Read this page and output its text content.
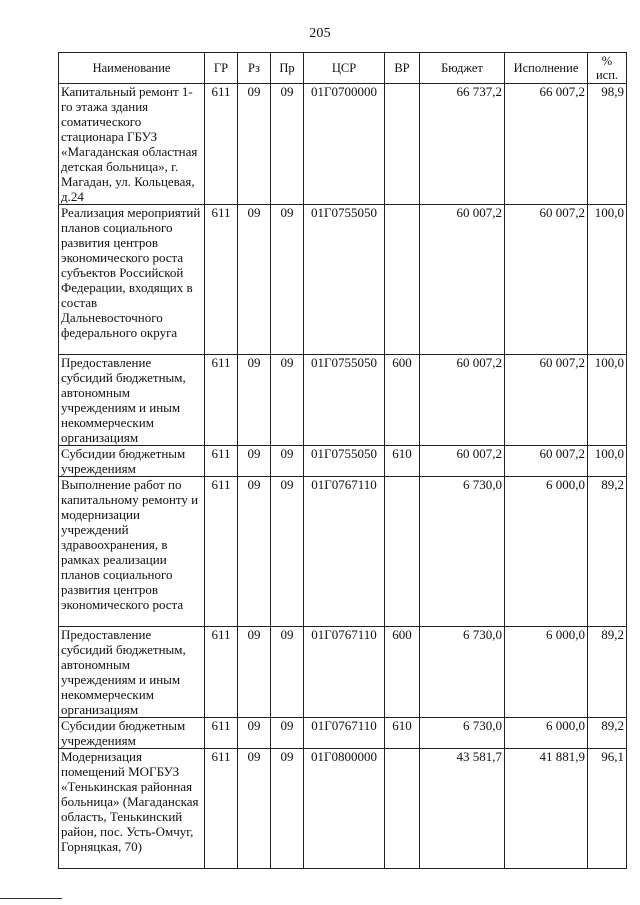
205
Наименование	ГР	Рз	Пр	ЦСР	ВР	Бюджет	Исполнение	%
исп.

Капитальный ремонт 1-го этажа здания соматического стационара ГБУЗ «Магаданская областная детская больница», г. Магадан, ул. Кольцевая, д.24	611	09	09	01Г0700000		66 737,2	66 007,2	98,9
Реализация мероприятий планов социального развития центров экономического роста субъектов Российской Федерации, входящих в состав Дальневосточного федерального округа	611	09	09	01Г0755050		60 007,2	60 007,2	100,0
Предоставление субсидий бюджетным, автономным учреждениям и иным некоммерческим организациям	611	09	09	01Г0755050	600	60 007,2	60 007,2	100,0
Субсидии бюджетным учреждениям	611	09	09	01Г0755050	610	60 007,2	60 007,2	100,0
Выполнение работ по капитальному ремонту и модернизации учреждений здравоохранения, в рамках реализации планов социального развития центров экономического роста	611	09	09	01Г0767110		6 730,0	6 000,0	89,2
Предоставление субсидий бюджетным, автономным учреждениям и иным некоммерческим организациям	611	09	09	01Г0767110	600	6 730,0	6 000,0	89,2
Субсидии бюджетным учреждениям	611	09	09	01Г0767110	610	6 730,0	6 000,0	89,2
Модернизация помещений МОГБУЗ «Тенькинская районная больница» (Магаданская область, Тенькинский район, пос. Усть-Омчуг, Горняцкая, 70)	611	09	09	01Г0800000		43 581,7	41 881,9	96,1
